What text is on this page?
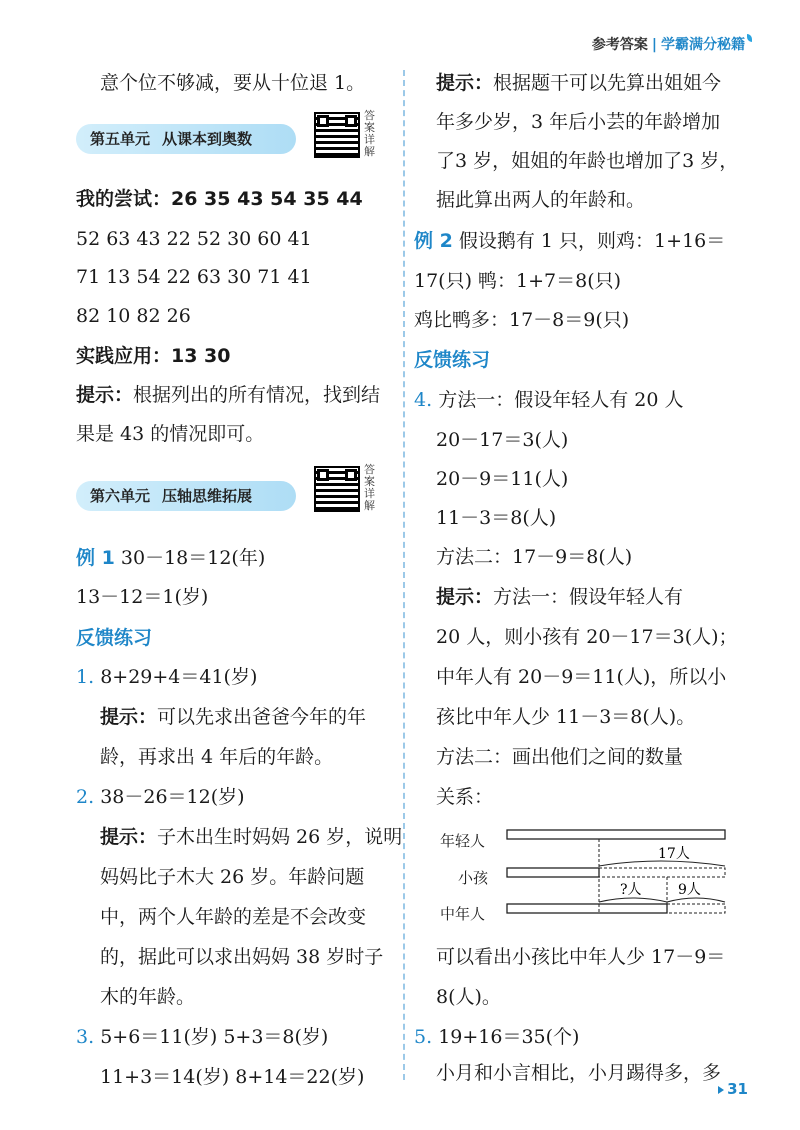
参考答案 | 学霸满分秘籍
意个位不够减，要从十位退 1。
第五单元 从课本到奥数
答
案
详
解
我的尝试：26 35 43 54 35 44
52 63 43 22 52 30 60 41
71 13 54 22 63 30 71 41
82 10 82 26
实践应用：13 30
提示：根据列出的所有情况，找到结
果是 43 的情况即可。
第六单元 压轴思维拓展
答
案
详
解
例 1 30－18＝12(年)
13－12＝1(岁)
反馈练习
1. 8+29+4＝41(岁)
提示：可以先求出爸爸今年的年
龄，再求出 4 年后的年龄。
2. 38－26＝12(岁)
提示：子木出生时妈妈 26 岁，说明
妈妈比子木大 26 岁。年龄问题
中，两个人年龄的差是不会改变
的，据此可以求出妈妈 38 岁时子
木的年龄。
3. 5+6＝11(岁) 5+3＝8(岁)
11+3＝14(岁) 8+14＝22(岁)
提示：根据题干可以先算出姐姐今
年多少岁，3 年后小芸的年龄增加
了3 岁，姐姐的年龄也增加了3 岁，
据此算出两人的年龄和。
例 2 假设鹅有 1 只，则鸡：1+16＝
17(只) 鸭：1+7＝8(只)
鸡比鸭多：17－8＝9(只)
反馈练习
4. 方法一：假设年轻人有 20 人
20－17＝3(人)
20－9＝11(人)
11－3＝8(人)
方法二：17－9＝8(人)
提示：方法一：假设年轻人有
20 人，则小孩有 20－17＝3(人)；
中年人有 20－9＝11(人)，所以小
孩比中年人少 11－3＝8(人)。
方法二：画出他们之间的数量
关系：
年轻人
小孩
中年人
17人
?人	9人
可以看出小孩比中年人少 17－9＝
8(人)。
5. 19+16＝35(个)
小月和小言相比，小月踢得多，多
31
